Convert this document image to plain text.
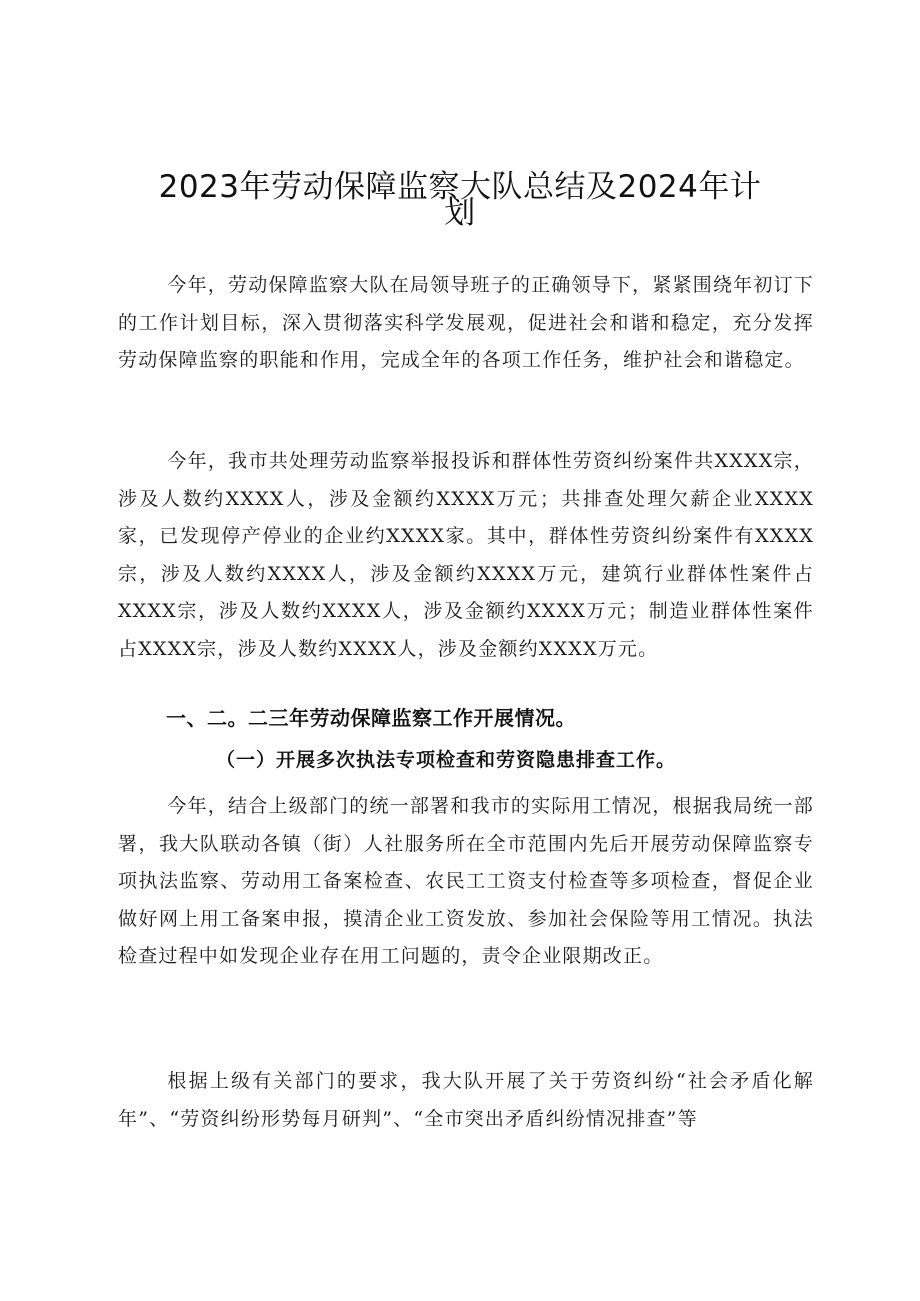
2023年劳动保障监察大队总结及2024年计
划

今年，劳动保障监察大队在局领导班子的正确领导下，紧紧围绕年初订下的工作计划目标，深入贯彻落实科学发展观，促进社会和谐和稳定，充分发挥劳动保障监察的职能和作用，完成全年的各项工作任务，维护社会和谐稳定。

今年，我市共处理劳动监察举报投诉和群体性劳资纠纷案件共XXXX宗，涉及人数约XXXX人，涉及金额约XXXX万元；共排查处理欠薪企业XXXX家，已发现停产停业的企业约XXXX家。其中，群体性劳资纠纷案件有XXXX宗，涉及人数约XXXX人，涉及金额约XXXX万元，建筑行业群体性案件占XXXX宗，涉及人数约XXXX人，涉及金额约XXXX万元；制造业群体性案件占XXXX宗，涉及人数约XXXX人，涉及金额约XXXX万元。

一、二。二三年劳动保障监察工作开展情况。
（一）开展多次执法专项检查和劳资隐患排查工作。

今年，结合上级部门的统一部署和我市的实际用工情况，根据我局统一部署，我大队联动各镇（街）人社服务所在全市范围内先后开展劳动保障监察专项执法监察、劳动用工备案检查、农民工工资支付检查等多项检查，督促企业做好网上用工备案申报，摸清企业工资发放、参加社会保险等用工情况。执法检查过程中如发现企业存在用工问题的，责令企业限期改正。

根据上级有关部门的要求，我大队开展了关于劳资纠纷“社会矛盾化解年”、“劳资纠纷形势每月研判”、“全市突出矛盾纠纷情况排查”等
